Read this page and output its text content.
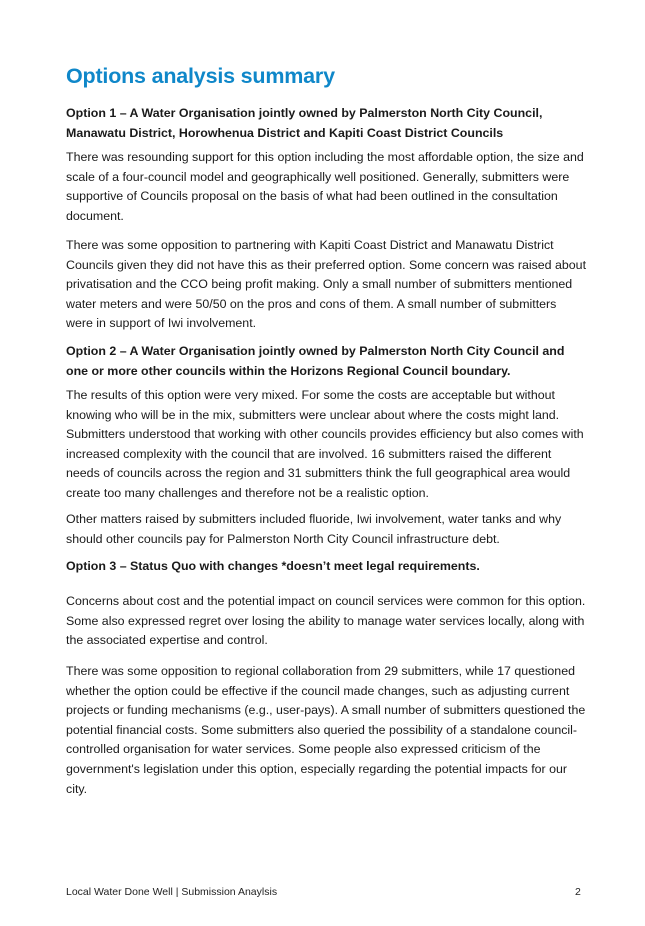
Options analysis summary
Option 1 – A Water Organisation jointly owned by Palmerston North City Council, Manawatu District, Horowhenua District and Kapiti Coast District Councils
There was resounding support for this option including the most affordable option, the size and scale of a four-council model and geographically well positioned. Generally, submitters were supportive of Councils proposal on the basis of what had been outlined in the consultation document.
There was some opposition to partnering with Kapiti Coast District and Manawatu District Councils given they did not have this as their preferred option. Some concern was raised about privatisation and the CCO being profit making. Only a small number of submitters mentioned water meters and were 50/50 on the pros and cons of them. A small number of submitters were in support of Iwi involvement.
Option 2 – A Water Organisation jointly owned by Palmerston North City Council and one or more other councils within the Horizons Regional Council boundary.
The results of this option were very mixed. For some the costs are acceptable but without knowing who will be in the mix, submitters were unclear about where the costs might land. Submitters understood that working with other councils provides efficiency but also comes with increased complexity with the council that are involved. 16 submitters raised the different needs of councils across the region and 31 submitters think the full geographical area would create too many challenges and therefore not be a realistic option.
Other matters raised by submitters included fluoride, Iwi involvement, water tanks and why should other councils pay for Palmerston North City Council infrastructure debt.
Option 3 – Status Quo with changes *doesn’t meet legal requirements.
Concerns about cost and the potential impact on council services were common for this option. Some also expressed regret over losing the ability to manage water services locally, along with the associated expertise and control.
There was some opposition to regional collaboration from 29 submitters, while 17 questioned whether the option could be effective if the council made changes, such as adjusting current projects or funding mechanisms (e.g., user-pays). A small number of submitters questioned the potential financial costs. Some submitters also queried the possibility of a standalone council-controlled organisation for water services. Some people also expressed criticism of the government's legislation under this option, especially regarding the potential impacts for our city.
Local Water Done Well | Submission Anaylsis	2
